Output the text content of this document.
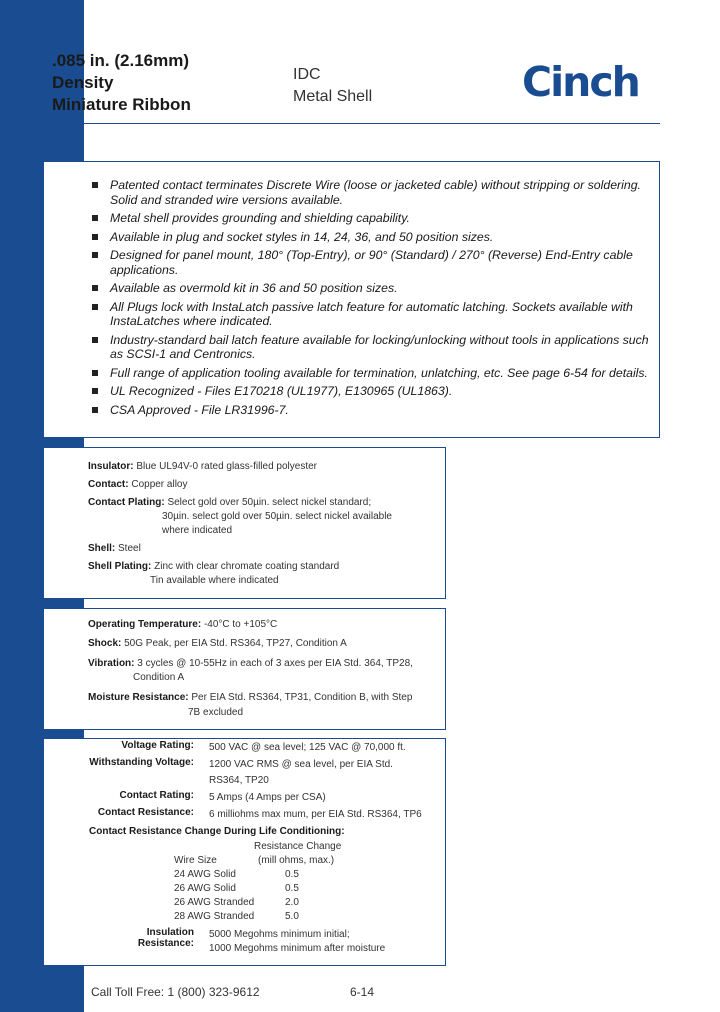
.085 in. (2.16mm)
Density
Miniature Ribbon
IDC
Metal Shell	Cinch
Features
Patented contact terminates Discrete Wire (loose or jacketed cable) without stripping or soldering. Solid and stranded wire versions available.
Metal shell provides grounding and shielding capability.
Available in plug and socket styles in 14, 24, 36, and 50 position sizes.
Designed for panel mount, 180° (Top-Entry), or 90° (Standard) / 270° (Reverse) End-Entry cable applications.
Available as overmold kit in 36 and 50 position sizes.
All Plugs lock with InstaLatch passive latch feature for automatic latching. Sockets available with InstaLatches where indicated.
Industry-standard bail latch feature available for locking/unlocking without tools in applications such as SCSI-1 and Centronics.
Full range of application tooling available for termination, unlatching, etc. See page 6-54 for details.
UL Recognized - Files E170218 (UL1977), E130965 (UL1863).
CSA Approved - File LR31996-7.
Materials
Insulator: Blue UL94V-0 rated glass-filled polyester
Contact: Copper alloy
Contact Plating: Select gold over 50µin. select nickel standard;
30µin. select gold over 50µin. select nickel available
where indicated
Shell: Steel
Shell Plating: Zinc with clear chromate coating standard
Tin available where indicated
Environmental
Operating Temperature: -40°C to +105°C
Shock: 50G Peak, per EIA Std. RS364, TP27, Condition A
Vibration: 3 cycles @ 10-55Hz in each of 3 axes per EIA Std. 364, TP28,
Condition A
Moisture Resistance: Per EIA Std. RS364, TP31, Condition B, with Step
7B excluded
Electrical
Voltage Rating: 500 VAC @ sea level; 125 VAC @ 70,000 ft.
Withstanding Voltage: 1200 VAC RMS @ sea level, per EIA Std.
RS364, TP20
Contact Rating: 5 Amps (4 Amps per CSA)
Contact Resistance: 6 milliohms max mum, per EIA Std. RS364, TP6
Contact Resistance Change During Life Conditioning:
Resistance Change
Wire Size	(mill ohms, max.)
24 AWG Solid	0.5
26 AWG Solid	0.5
26 AWG Stranded	2.0
28 AWG Stranded	5.0
Insulation Resistance:
5000 Megohms minimum initial;
1000 Megohms minimum after moisture
Call Toll Free: 1 (800) 323-9612	6-14
